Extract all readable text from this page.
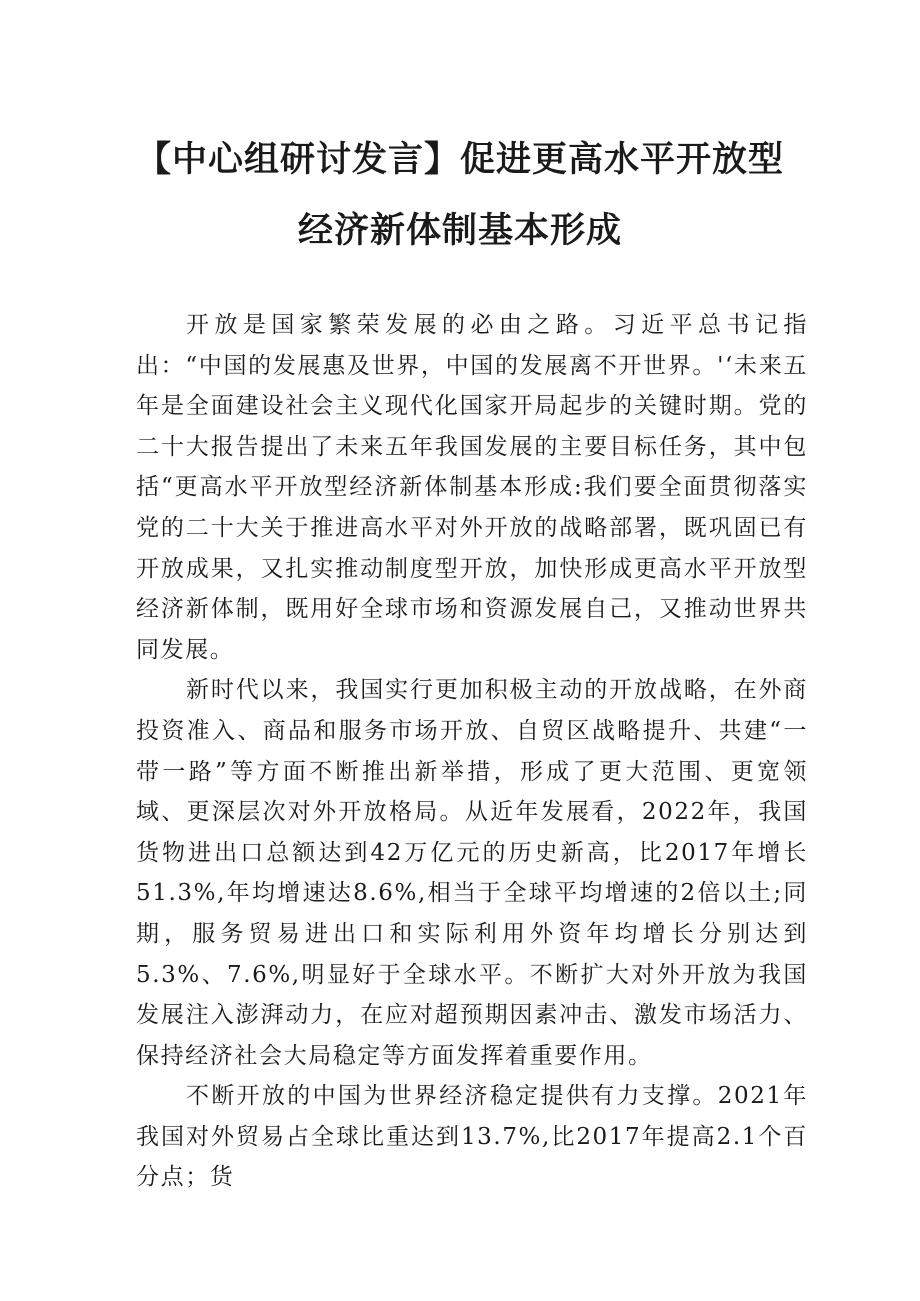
【中心组研讨发言】促进更高水平开放型
经济新体制基本形成

开放是国家繁荣发展的必由之路。习近平总书记指出：“中国的发展惠及世界，中国的发展离不开世界。'‘未来五年是全面建设社会主义现代化国家开局起步的关键时期。党的二十大报告提出了未来五年我国发展的主要目标任务，其中包括“更高水平开放型经济新体制基本形成:我们要全面贯彻落实党的二十大关于推进高水平对外开放的战略部署，既巩固已有开放成果，又扎实推动制度型开放，加快形成更高水平开放型经济新体制，既用好全球市场和资源发展自己，又推动世界共同发展。

新时代以来，我国实行更加积极主动的开放战略，在外商投资准入、商品和服务市场开放、自贸区战略提升、共建“一带一路”等方面不断推出新举措，形成了更大范围、更宽领域、更深层次对外开放格局。从近年发展看，2022年，我国货物进出口总额达到42万亿元的历史新高，比2017年增长51.3%,年均增速达8.6%,相当于全球平均增速的2倍以土;同期，服务贸易进出口和实际利用外资年均增长分别达到5.3%、7.6%,明显好于全球水平。不断扩大对外开放为我国发展注入澎湃动力，在应对超预期因素冲击、激发市场活力、保持经济社会大局稳定等方面发挥着重要作用。

不断开放的中国为世界经济稳定提供有力支撑。2021年我国对外贸易占全球比重达到13.7%,比2017年提高2.1个百分点；货
